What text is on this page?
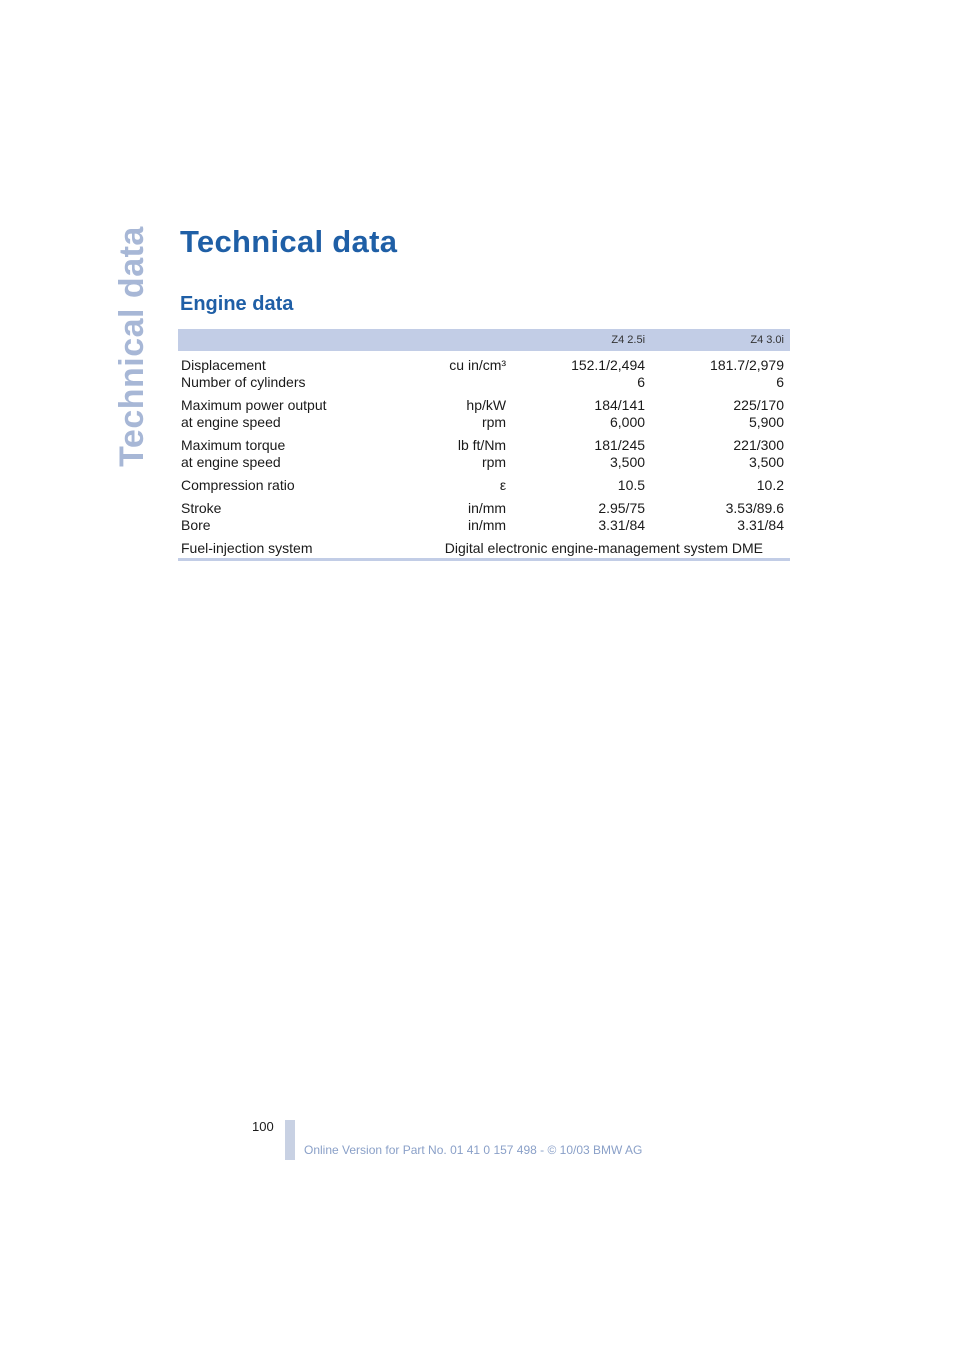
Technical data Technical data
Engine data
		Z4 2.5i	Z4 3.0i
Displacement	cu in/cm³	152.1/2,494	181.7/2,979
Number of cylinders		6	6
Maximum power output	hp/kW	184/141	225/170
at engine speed	rpm	6,000	5,900
Maximum torque	lb ft/Nm	181/245	221/300
at engine speed	rpm	3,500	3,500
Compression ratio	ε	10.5	10.2
Stroke	in/mm	2.95/75	3.53/89.6
Bore	in/mm	3.31/84	3.31/84
Fuel-injection system	Digital electronic engine-management system DME		
100
Online Version for Part No. 01 41 0 157 498 - © 10/03 BMW AG
